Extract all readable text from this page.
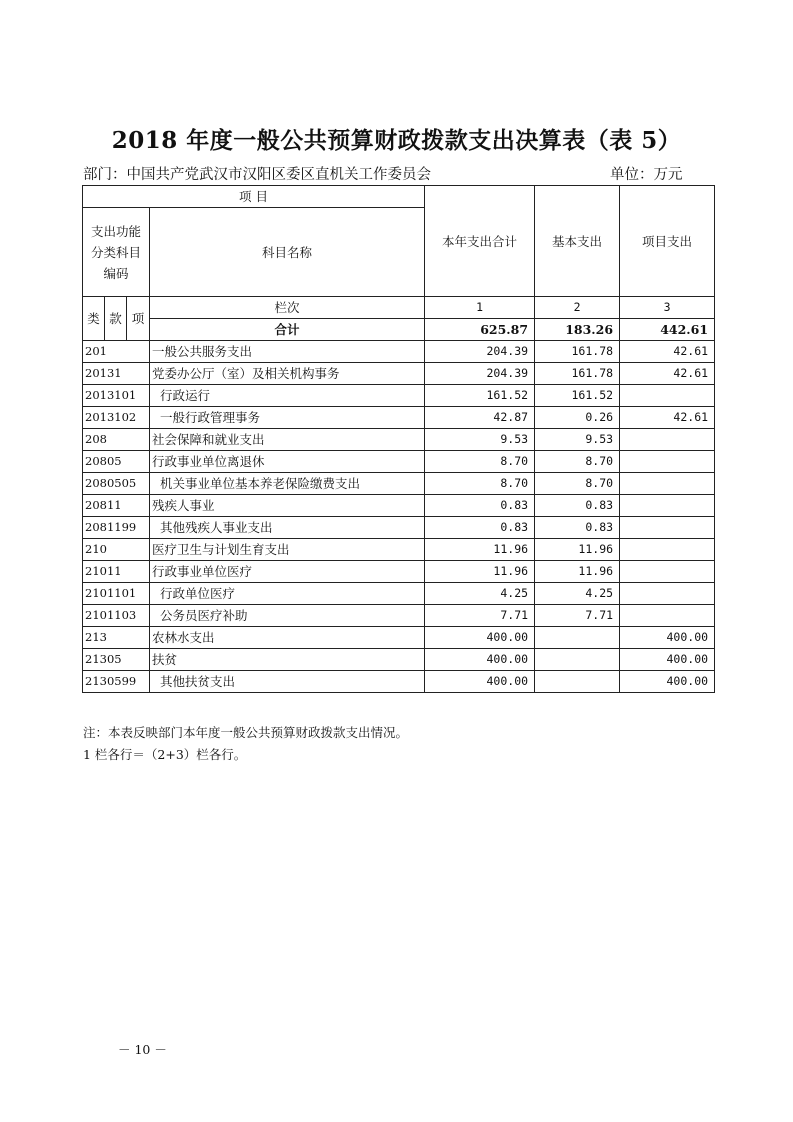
2018 年度一般公共预算财政拨款支出决算表（表 5）
部门：中国共产党武汉市汉阳区委区直机关工作委员会	单位：万元
项 目				本年支出合计	基本支出	项目支出
支出功能分类科目编码			科目名称			
类	款	项	栏次	1	2	3
			合计	625.87	183.26	442.61
201			一般公共服务支出	204.39	161.78	42.61
20131			党委办公厅（室）及相关机构事务	204.39	161.78	42.61
2013101			行政运行	161.52	161.52	
2013102			一般行政管理事务	42.87	0.26	42.61
208			社会保障和就业支出	9.53	9.53	
20805			行政事业单位离退休	8.70	8.70	
2080505			机关事业单位基本养老保险缴费支出	8.70	8.70	
20811			残疾人事业	0.83	0.83	
2081199			其他残疾人事业支出	0.83	0.83	
210			医疗卫生与计划生育支出	11.96	11.96	
21011			行政事业单位医疗	11.96	11.96	
2101101			行政单位医疗	4.25	4.25	
2101103			公务员医疗补助	7.71	7.71	
213			农林水支出	400.00		400.00
21305			扶贫	400.00		400.00
2130599			其他扶贫支出	400.00		400.00
注：本表反映部门本年度一般公共预算财政拨款支出情况。
1 栏各行＝（2+3）栏各行。
－ 10 －
